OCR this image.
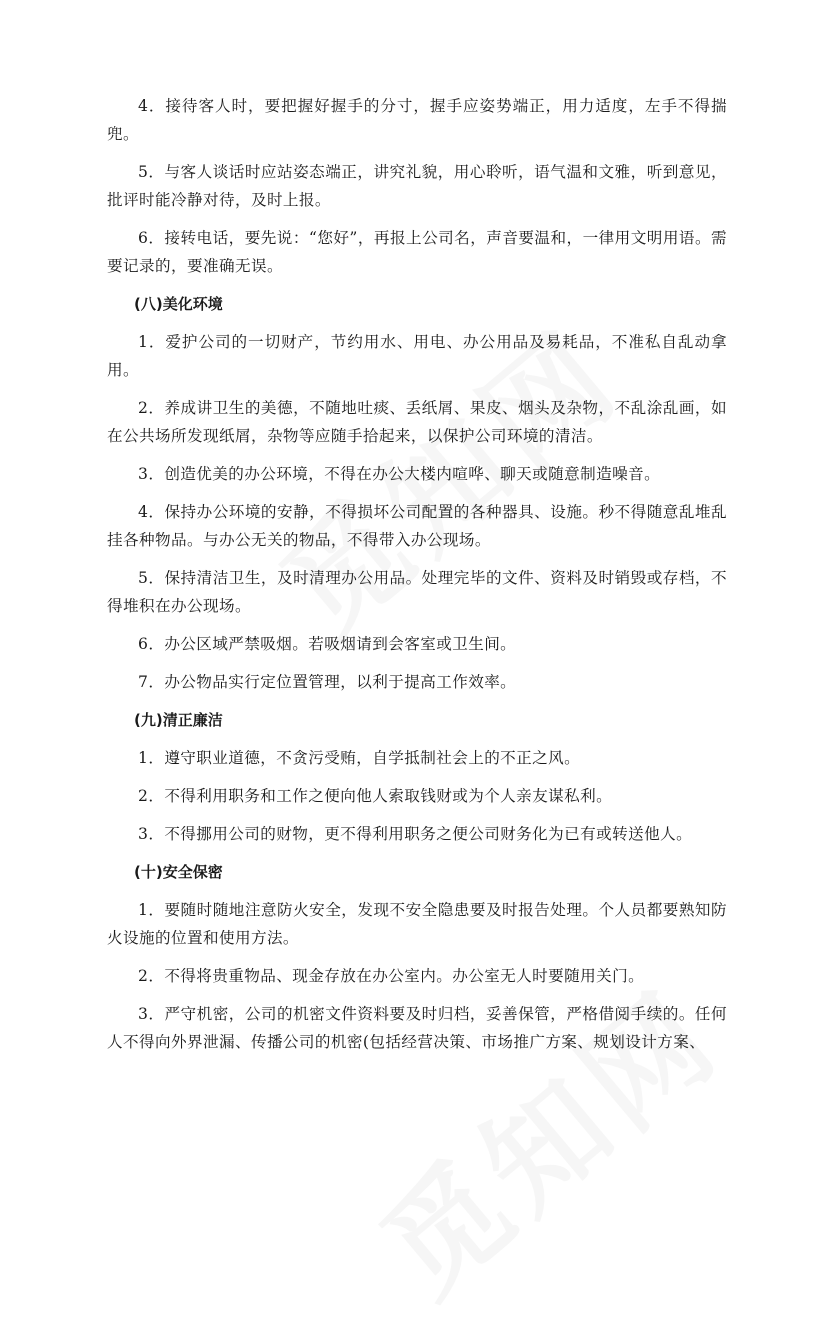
4．接待客人时，要把握好握手的分寸，握手应姿势端正，用力适度，左手不得揣兜。

5．与客人谈话时应站姿态端正，讲究礼貌，用心聆听，语气温和文雅，听到意见，批评时能冷静对待，及时上报。

6．接转电话，要先说：“您好”，再报上公司名，声音要温和，一律用文明用语。需要记录的，要准确无误。

(八)美化环境

1．爱护公司的一切财产，节约用水、用电、办公用品及易耗品，不准私自乱动拿用。

2．养成讲卫生的美德，不随地吐痰、丢纸屑、果皮、烟头及杂物，不乱涂乱画，如在公共场所发现纸屑，杂物等应随手拾起来，以保护公司环境的清洁。

3．创造优美的办公环境，不得在办公大楼内喧哗、聊天或随意制造噪音。

4．保持办公环境的安静，不得损坏公司配置的各种器具、设施。秒不得随意乱堆乱挂各种物品。与办公无关的物品，不得带入办公现场。

5．保持清洁卫生，及时清理办公用品。处理完毕的文件、资料及时销毁或存档，不得堆积在办公现场。

6．办公区域严禁吸烟。若吸烟请到会客室或卫生间。

7．办公物品实行定位置管理，以利于提高工作效率。

(九)清正廉洁

1．遵守职业道德，不贪污受贿，自学抵制社会上的不正之风。

2．不得利用职务和工作之便向他人索取钱财或为个人亲友谋私利。

3．不得挪用公司的财物，更不得利用职务之便公司财务化为已有或转送他人。

(十)安全保密

1．要随时随地注意防火安全，发现不安全隐患要及时报告处理。个人员都要熟知防火设施的位置和使用方法。

2．不得将贵重物品、现金存放在办公室内。办公室无人时要随用关门。

3．严守机密，公司的机密文件资料要及时归档，妥善保管，严格借阅手续的。任何人不得向外界泄漏、传播公司的机密(包括经营决策、市场推广方案、规划设计方案、
